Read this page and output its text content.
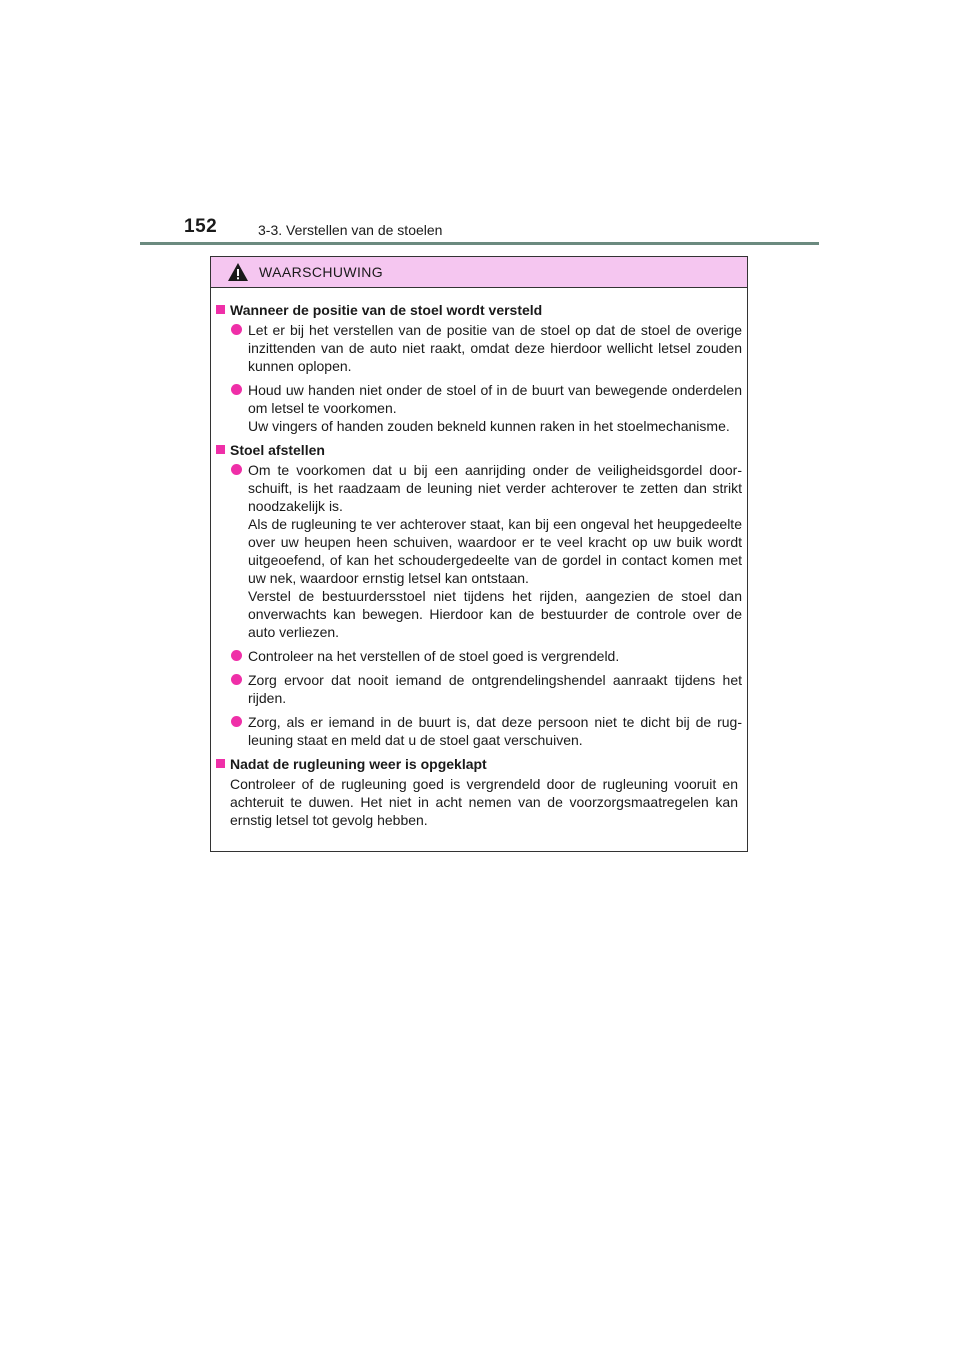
152	3-3. Verstellen van de stoelen
WAARSCHUWING
Wanneer de positie van de stoel wordt versteld

Let er bij het verstellen van de positie van de stoel op dat de stoel de overige inzittenden van de auto niet raakt, omdat deze hierdoor wellicht letsel zouden kunnen oplopen.

Houd uw handen niet onder de stoel of in de buurt van bewegende onderdelen om letsel te voorkomen.

Uw vingers of handen zouden bekneld kunnen raken in het stoelmechanisme.

Stoel afstellen

Om te voorkomen dat u bij een aanrijding onder de veiligheidsgordel doorschuift, is het raadzaam de leuning niet verder achterover te zetten dan strikt noodzakelijk is.

Als de rugleuning te ver achterover staat, kan bij een ongeval het heupgedeelte over uw heupen heen schuiven, waardoor er te veel kracht op uw buik wordt uitgeoefend, of kan het schoudergedeelte van de gordel in contact komen met uw nek, waardoor ernstig letsel kan ontstaan.

Verstel de bestuurdersstoel niet tijdens het rijden, aangezien de stoel dan onverwachts kan bewegen. Hierdoor kan de bestuurder de controle over de auto verliezen.

Controleer na het verstellen of de stoel goed is vergrendeld.

Zorg ervoor dat nooit iemand de ontgrendelingshendel aanraakt tijdens het rijden.

Zorg, als er iemand in de buurt is, dat deze persoon niet te dicht bij de rugleuning staat en meld dat u de stoel gaat verschuiven.

Nadat de rugleuning weer is opgeklapt

Controleer of de rugleuning goed is vergrendeld door de rugleuning vooruit en achteruit te duwen. Het niet in acht nemen van de voorzorgsmaatregelen kan ernstig letsel tot gevolg hebben.
